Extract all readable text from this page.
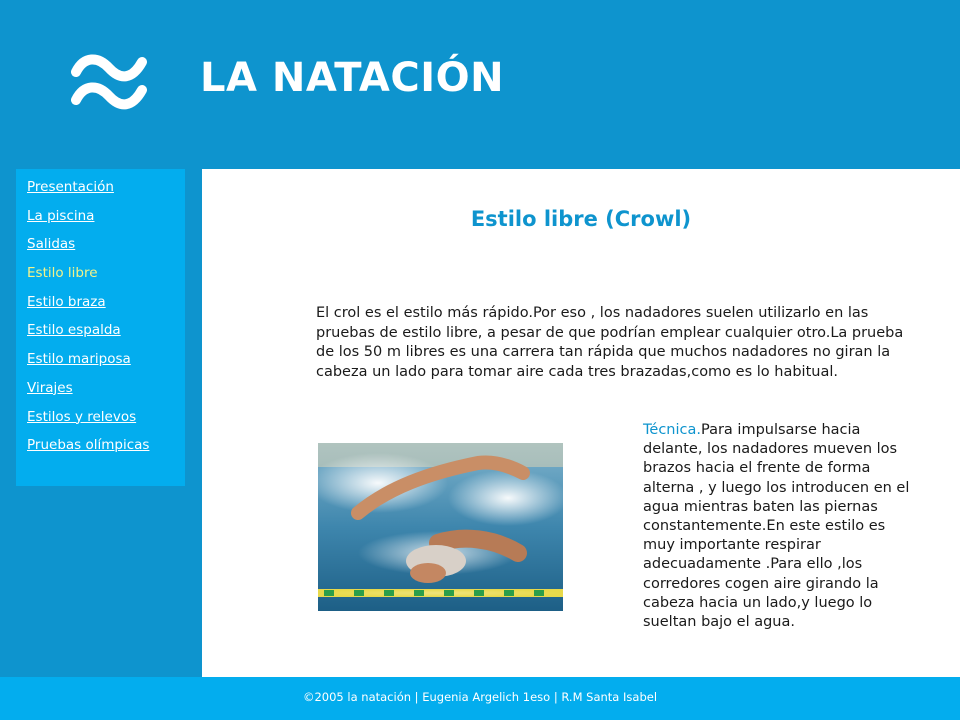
LA NATACIÓN
Presentación
La piscina
Salidas
Estilo libre
Estilo braza
Estilo espalda
Estilo mariposa
Virajes
Estilos y relevos
Pruebas olímpicas
Estilo libre (Crowl)

El crol es el estilo más rápido.Por eso , los nadadores suelen utilizarlo en las pruebas de estilo libre, a pesar de que podrían emplear cualquier otro.La prueba de los 50 m libres es una carrera tan rápida que muchos nadadores no giran la cabeza un lado para tomar aire cada tres brazadas,como es lo habitual.

Técnica.Para impulsarse hacia delante, los nadadores mueven los brazos hacia el frente de forma alterna , y luego los introducen en el agua mientras baten las piernas constantemente.En este estilo es muy importante respirar adecuadamente .Para ello ,los corredores cogen aire girando la cabeza hacia un lado,y luego lo sueltan bajo el agua.

©2005 la natación | Eugenia Argelich 1eso | R.M Santa Isabel
